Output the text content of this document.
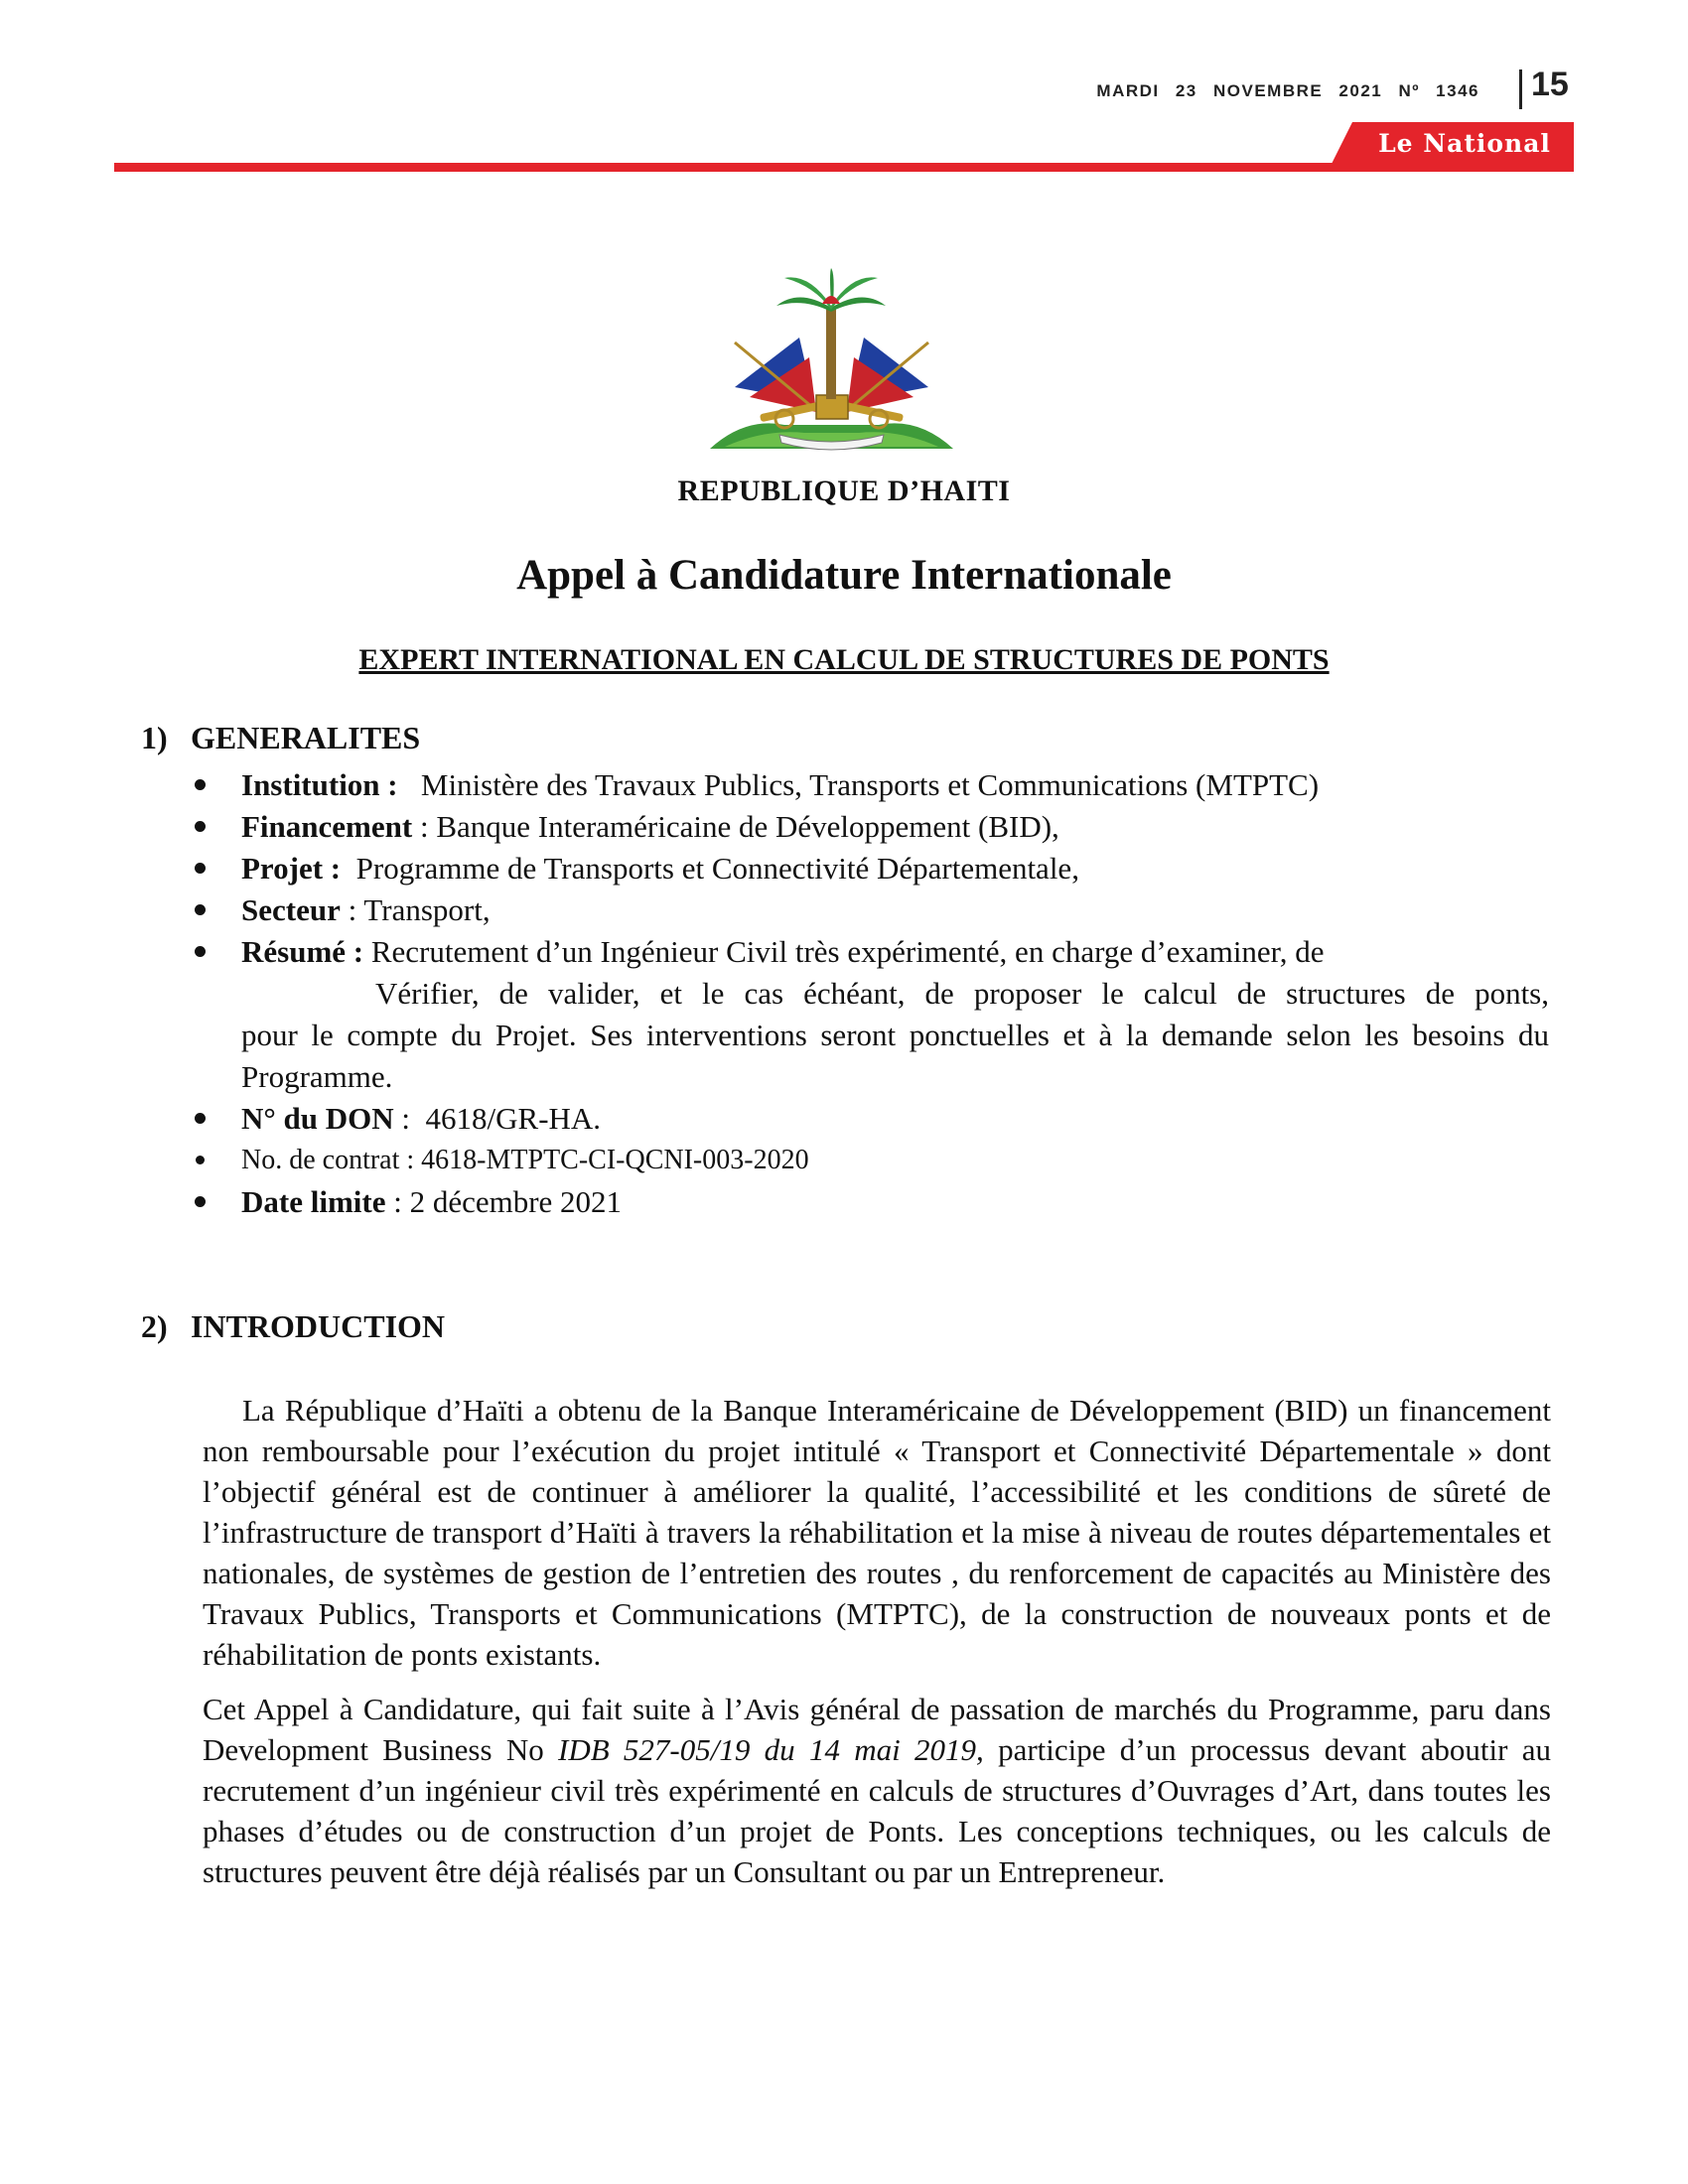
MARDI 23 NOVEMBRE 2021 Nº 1346 15
Le National
REPUBLIQUE D’HAITI
Appel à Candidature Internationale
EXPERT INTERNATIONAL EN CALCUL DE STRUCTURES DE PONTS
1) GENERALITES
Institution :   Ministère des Travaux Publics, Transports et Communications (MTPTC)
Financement : Banque Interaméricaine de Développement (BID),
Projet :  Programme de Transports et Connectivité Départementale,
Secteur : Transport,
Résumé : Recrutement d’un Ingénieur Civil très expérimenté, en charge d’examiner, de
Vérifier, de valider, et le cas échéant, de proposer le calcul de structures de ponts,
pour le compte du Projet. Ses interventions seront ponctuelles et à la demande selon les besoins du Programme.
N° du DON :  4618/GR-HA.
No. de contrat : 4618-MTPTC-CI-QCNI-003-2020
Date limite : 2 décembre 2021
2) INTRODUCTION

La République d’Haïti a obtenu de la Banque Interaméricaine de Développement (BID) un financement non remboursable pour l’exécution du projet intitulé « Transport et Connectivité Départementale » dont l’objectif général est de continuer à améliorer la qualité, l’accessibilité et les conditions de sûreté de l’infrastructure de transport d’Haïti à travers la réhabilitation et la mise à niveau de routes départementales et nationales, de systèmes de gestion de l’entretien des routes , du renforcement de capacités au Ministère des Travaux Publics, Transports et Communications (MTPTC), de la construction de nouveaux ponts et de réhabilitation de ponts existants.

Cet Appel à Candidature, qui fait suite à l’Avis général de passation de marchés du Programme, paru dans Development Business No IDB 527-05/19 du 14 mai 2019, participe d’un processus devant aboutir au recrutement d’un ingénieur civil très expérimenté en calculs de structures d’Ouvrages d’Art, dans toutes les phases d’études ou de construction d’un projet de Ponts. Les conceptions techniques, ou les calculs de structures peuvent être déjà réalisés par un Consultant ou par un Entrepreneur.
